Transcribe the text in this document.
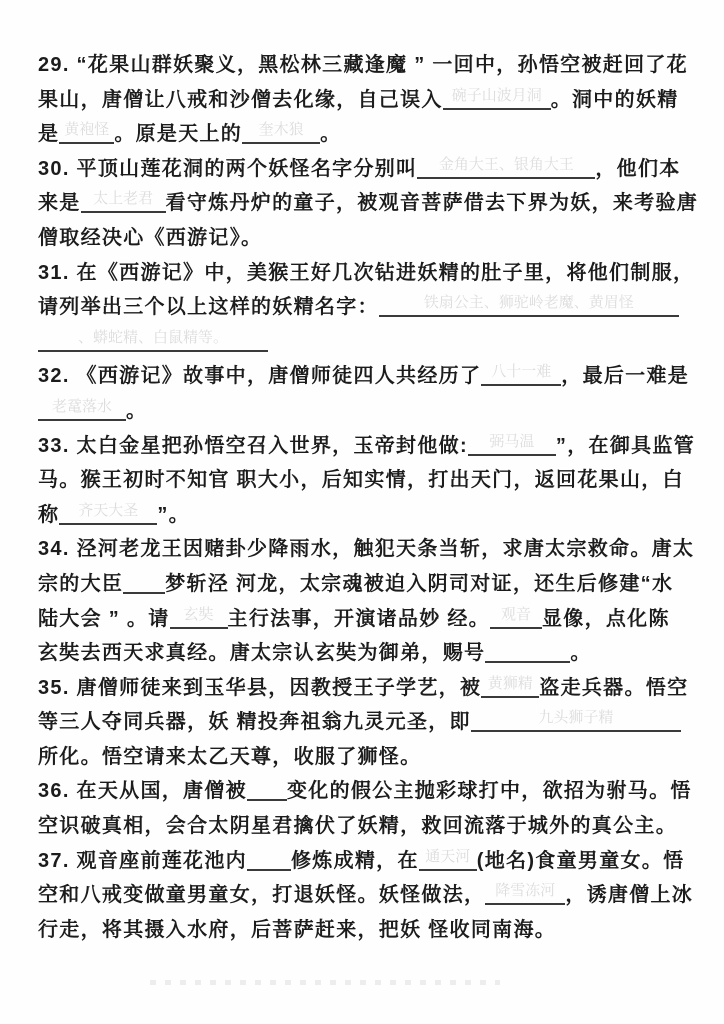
29. “花果山群妖聚义，黑松林三藏逢魔 ” 一回中，孙悟空被赶回了花
果山，唐僧让八戒和沙僧去化缘，自己误入 碗子山波月洞 。洞中的妖精
是 黄袍怪 。原是天上的 奎木狼 。
30. 平顶山莲花洞的两个妖怪名字分别叫 金角大王、银角大王 ，他们本
来是 太上老君 看守炼丹炉的童子，被观音菩萨借去下界为妖，来考验唐
僧取经决心《西游记》。
31. 在《西游记》中，美猴王好几次钻进妖精的肚子里，将他们制服，
请列举出三个以上这样的妖精名字：	铁扇公主、狮驼岭老魔、黄眉怪
、蟒蛇精、白鼠精等。
32. 《西游记》故事中，唐僧师徒四人共经历了 八十一难 ，最后一难是
老鼋落水 。
33. 太白金星把孙悟空召入世界，玉帝封他做: 弼马温 ”，在御具监管
马。猴王初时不知官 职大小，后知实情，打出天门，返回花果山，白
称 齐天大圣 ”。
34. 泾河老龙王因赌卦少降雨水，触犯天条当斩，求唐太宗救命。唐太
宗的大臣 梦斩泾 河龙，太宗魂被迫入阴司对证，还生后修建“水
陆大会 ” 。请 玄奘 主行法事，开演诸品妙 经。 观音 显像，点化陈
玄奘去西天求真经。唐太宗认玄奘为御弟，赐号	。
35. 唐僧师徒来到玉华县，因教授王子学艺，被 黄狮精 盗走兵器。悟空
等三人夺同兵器，妖 精投奔祖翁九灵元圣，即	九头狮子精
所化。悟空请来太乙天尊，收服了狮怪。
36. 在天从国，唐僧被 变化的假公主抛彩球打中，欲招为驸马。悟
空识破真相，会合太阴星君擒伏了妖精，救回流落于城外的真公主。
37. 观音座前莲花池内 修炼成精，在 通天河 (地名)食童男童女。悟
空和八戒变做童男童女，打退妖怪。妖怪做法， 降雪冻河 ，诱唐僧上冰
行走，将其摄入水府，后菩萨赶来，把妖 怪收同南海。
